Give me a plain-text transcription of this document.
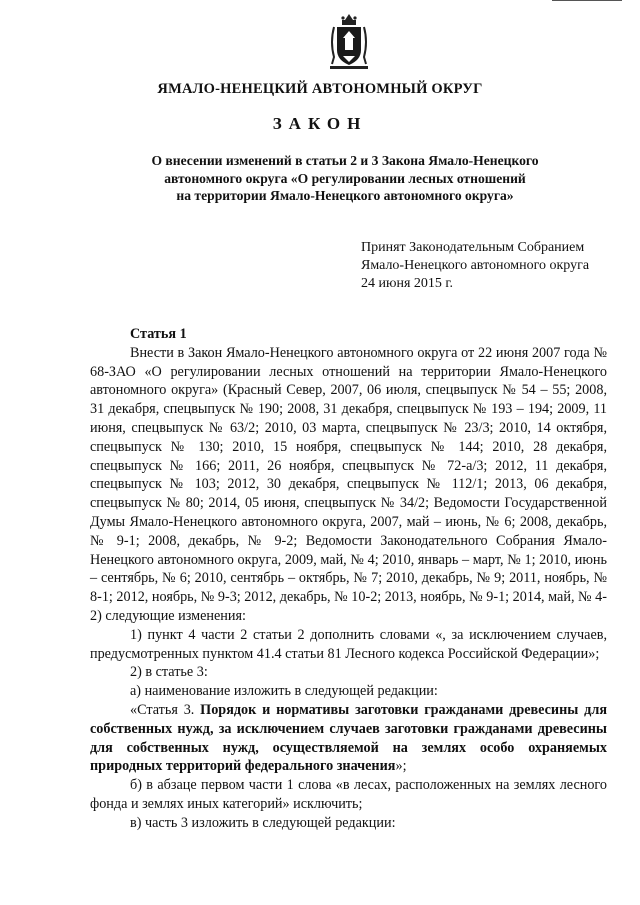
ЯМАЛО-НЕНЕЦКИЙ АВТОНОМНЫЙ ОКРУГ
ЗАКОН
О внесении изменений в статьи 2 и 3 Закона Ямало-Ненецкого
автономного округа «О регулировании лесных отношений
на территории Ямало-Ненецкого автономного округа»
Принят Законодательным Собранием
Ямало-Ненецкого автономного округа
24 июня 2015 г.

Статья 1

Внести в Закон Ямало-Ненецкого автономного округа от 22 июня 2007 года № 68-ЗАО «О регулировании лесных отношений на территории Ямало-Ненецкого автономного округа» (Красный Север, 2007, 06 июля, спецвыпуск № 54 – 55; 2008, 31 декабря, спецвыпуск № 190; 2008, 31 декабря, спецвыпуск № 193 – 194; 2009, 11 июня, спецвыпуск № 63/2; 2010, 03 марта, спецвыпуск № 23/3; 2010, 14 октября, спецвыпуск № 130; 2010, 15 ноября, спецвыпуск № 144; 2010, 28 декабря, спецвыпуск № 166; 2011, 26 ноября, спецвыпуск № 72-а/3; 2012, 11 декабря, спецвыпуск № 103; 2012, 30 декабря, спецвыпуск № 112/1; 2013, 06 декабря, спецвыпуск № 80; 2014, 05 июня, спецвыпуск № 34/2; Ведомости Государственной Думы Ямало-Ненецкого автономного округа, 2007, май – июнь, № 6; 2008, декабрь, № 9-1; 2008, декабрь, № 9-2; Ведомости Законодательного Собрания Ямало-Ненецкого автономного округа, 2009, май, № 4; 2010, январь – март, № 1; 2010, июнь – сентябрь, № 6; 2010, сентябрь – октябрь, № 7; 2010, декабрь, № 9; 2011, ноябрь, № 8-1; 2012, ноябрь, № 9-3; 2012, декабрь, № 10-2; 2013, ноябрь, № 9-1; 2014, май, № 4-2) следующие изменения:

1) пункт 4 части 2 статьи 2 дополнить словами «, за исключением случаев, предусмотренных пунктом 41.4 статьи 81 Лесного кодекса Российской Федерации»;

2) в статье 3:

а) наименование изложить в следующей редакции:

«Статья 3. Порядок и нормативы заготовки гражданами древесины для собственных нужд, за исключением случаев заготовки гражданами древесины для собственных нужд, осуществляемой на землях особо охраняемых природных территорий федерального значения»;

б) в абзаце первом части 1 слова «в лесах, расположенных на землях лесного фонда и землях иных категорий» исключить;

в) часть 3 изложить в следующей редакции:
